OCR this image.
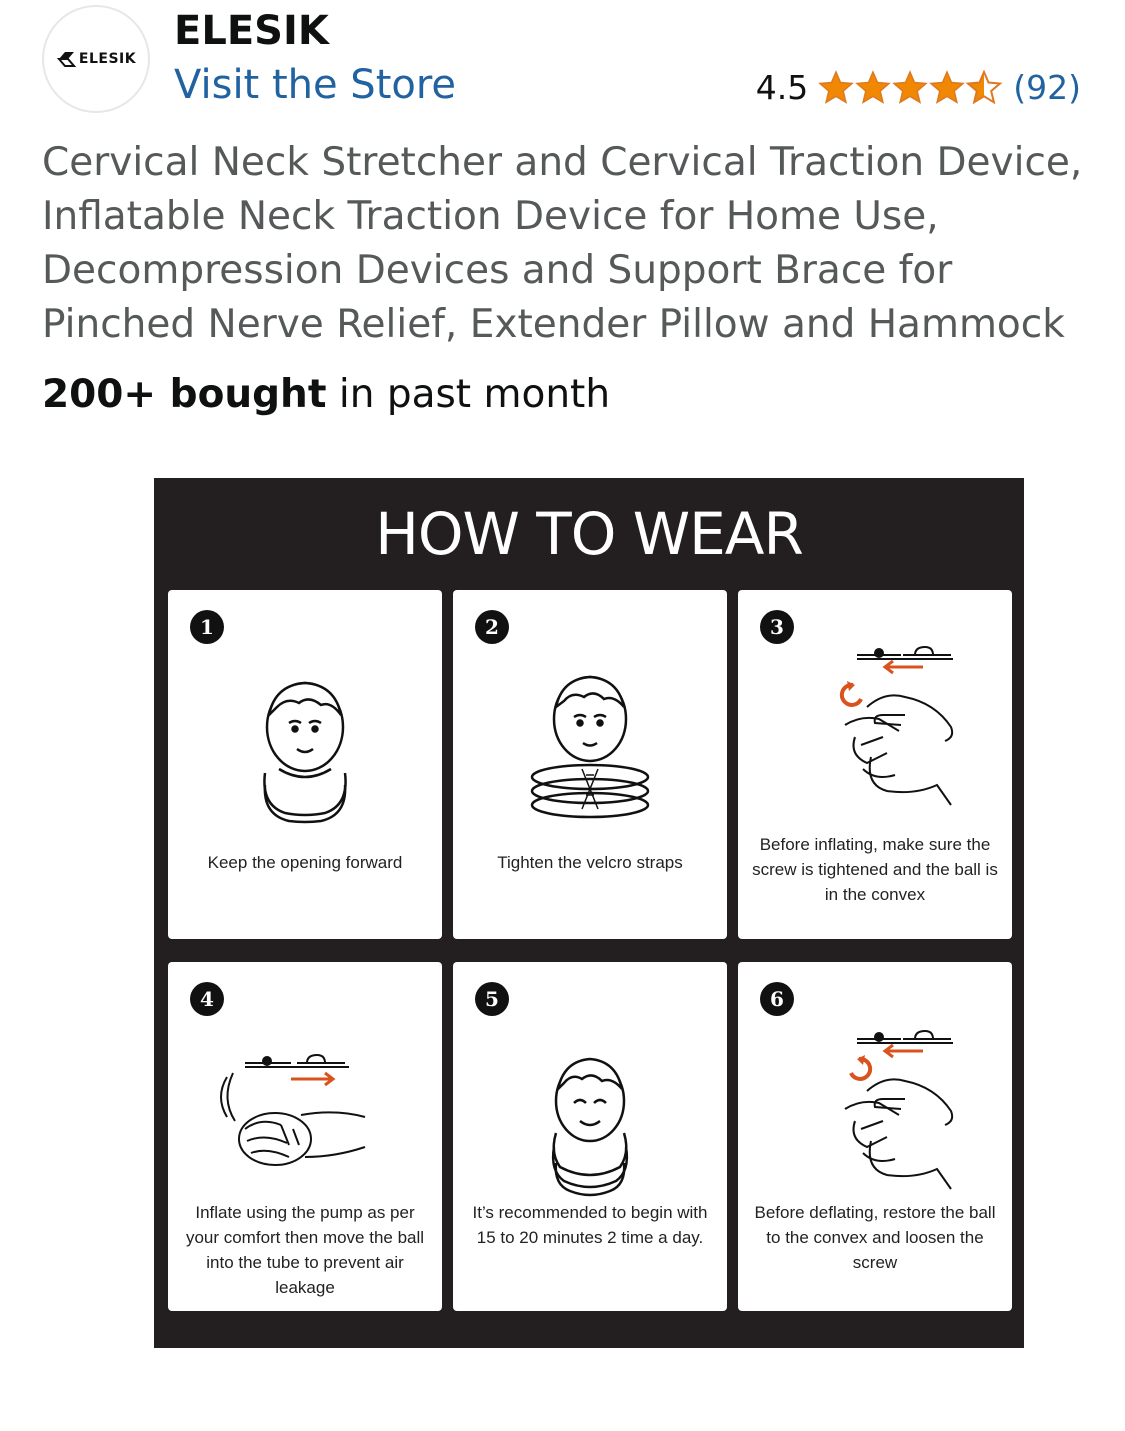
ELESIK
ELESIK
Visit the Store	4.5	(92)
Cervical Neck Stretcher and Cervical Traction Device, Inflatable Neck Traction Device for Home Use, Decompression Devices and Support Brace for Pinched Nerve Relief, Extender Pillow and Hammock
200+ bought in past month
HOW TO WEAR
1
Keep the opening forward
2
Tighten the velcro straps
3
Before inflating, make sure the screw is tightened and the ball is in the convex
4
Inflate using the pump as per your comfort then move the ball into the tube to prevent air leakage
5
It’s recommended to begin with 15 to 20 minutes 2 time a day.
6
Before deflating, restore the ball to the convex and loosen the screw
